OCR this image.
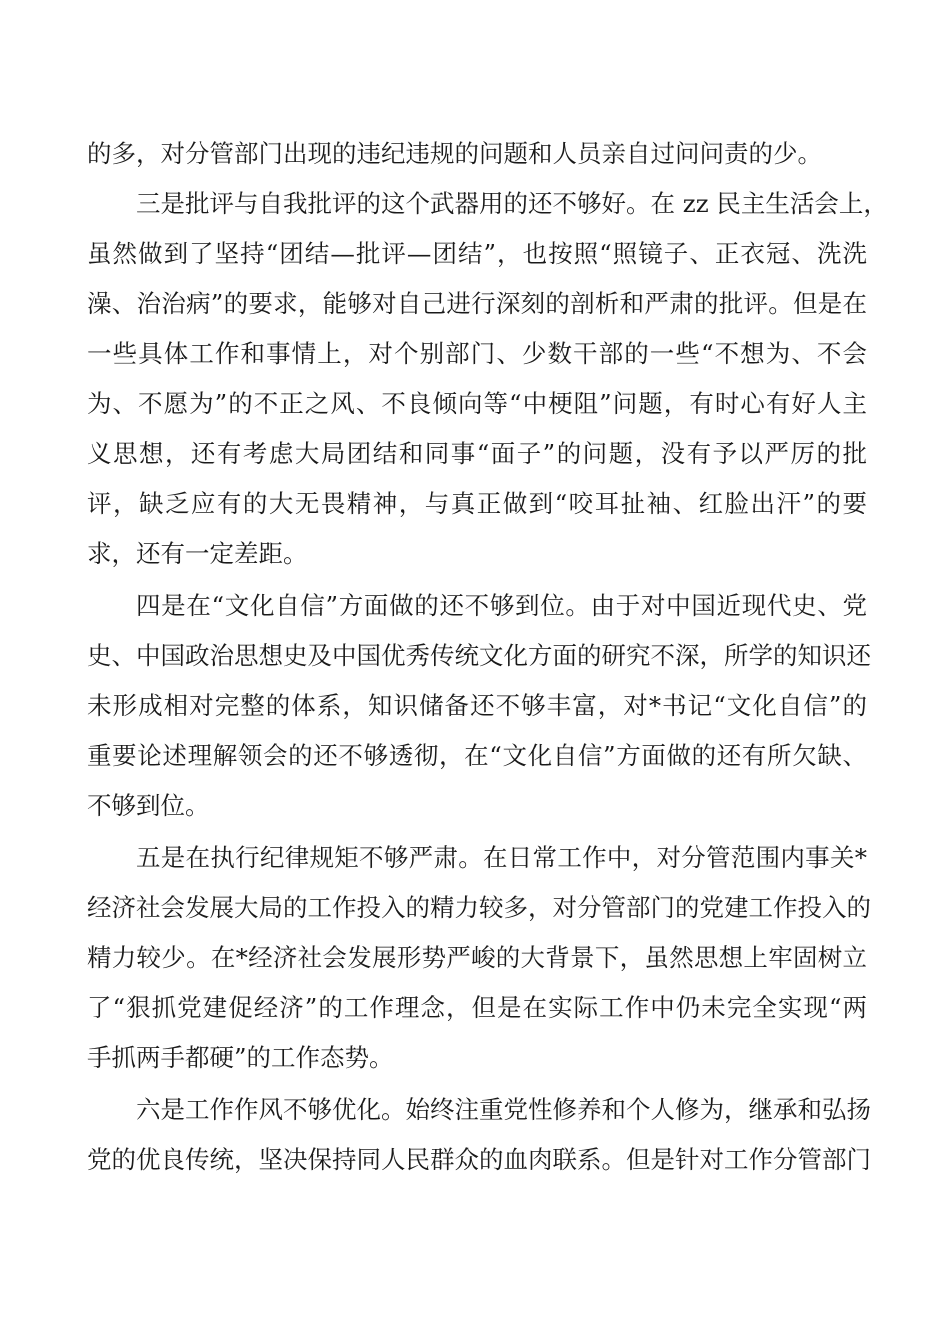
的多，对分管部门出现的违纪违规的问题和人员亲自过问问责的少。
三是批评与自我批评的这个武器用的还不够好。在 zz 民主生活会上，
虽然做到了坚持“团结—批评—团结”，也按照“照镜子、正衣冠、洗洗
澡、治治病”的要求，能够对自己进行深刻的剖析和严肃的批评。但是在
一些具体工作和事情上，对个别部门、少数干部的一些“不想为、不会
为、不愿为”的不正之风、不良倾向等“中梗阻”问题，有时心有好人主
义思想，还有考虑大局团结和同事“面子”的问题，没有予以严厉的批
评，缺乏应有的大无畏精神，与真正做到“咬耳扯袖、红脸出汗”的要
求，还有一定差距。
四是在“文化自信”方面做的还不够到位。由于对中国近现代史、党
史、中国政治思想史及中国优秀传统文化方面的研究不深，所学的知识还
未形成相对完整的体系，知识储备还不够丰富，对*书记“文化自信”的
重要论述理解领会的还不够透彻，在“文化自信”方面做的还有所欠缺、
不够到位。
五是在执行纪律规矩不够严肃。在日常工作中，对分管范围内事关*
经济社会发展大局的工作投入的精力较多，对分管部门的党建工作投入的
精力较少。在*经济社会发展形势严峻的大背景下，虽然思想上牢固树立
了“狠抓党建促经济”的工作理念，但是在实际工作中仍未完全实现“两
手抓两手都硬”的工作态势。
六是工作作风不够优化。始终注重党性修养和个人修为，继承和弘扬
党的优良传统，坚决保持同人民群众的血肉联系。但是针对工作分管部门
